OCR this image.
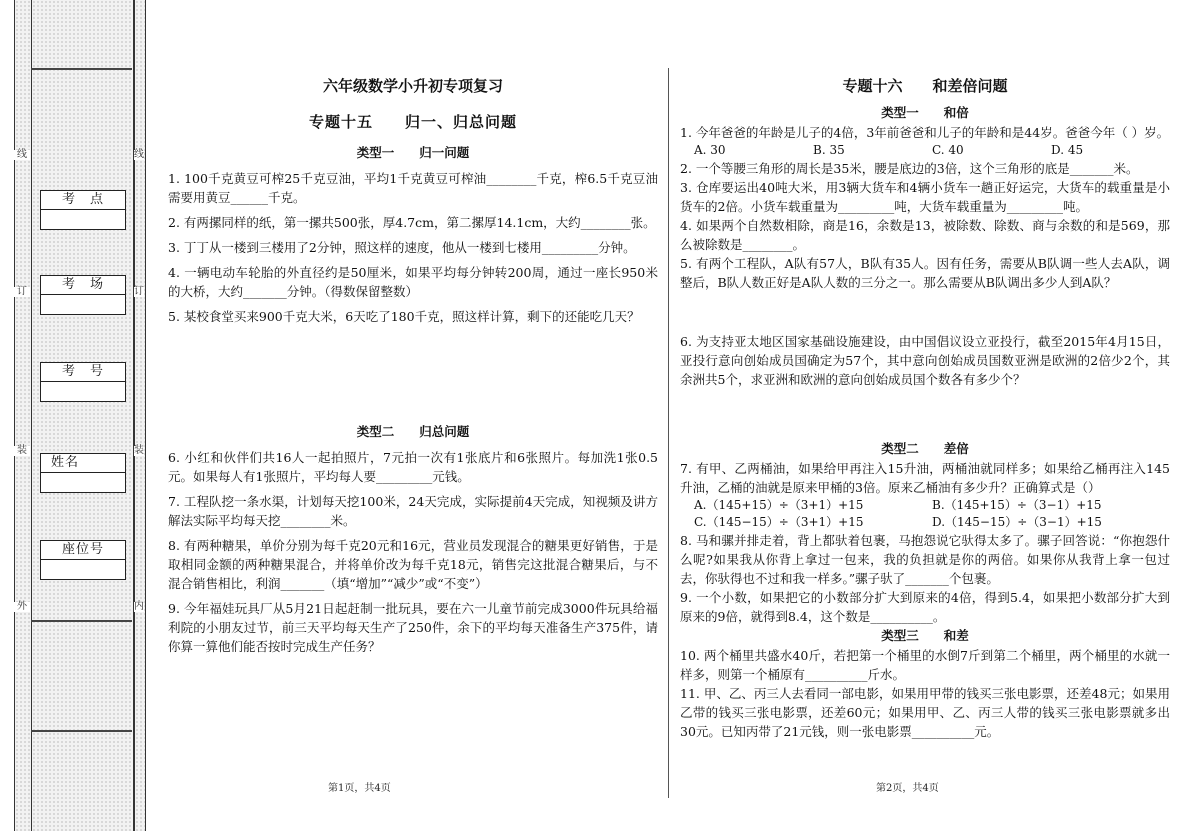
线
订
装
外
线
订
装
内
考　点
考　场
考　号
姓名
座位号
六年级数学小升初专项复习
专题十五　　归一、归总问题
类型一　　归一问题
1. 100千克黄豆可榨25千克豆油，平均1千克黄豆可榨油________千克，榨6.5千克豆油需要用黄豆______千克。
2. 有两摞同样的纸，第一摞共500张，厚4.7cm，第二摞厚14.1cm，大约________张。
3. 丁丁从一楼到三楼用了2分钟，照这样的速度，他从一楼到七楼用_________分钟。
4. 一辆电动车轮胎的外直径约是50厘米，如果平均每分钟转200周，通过一座长950米的大桥，大约_______分钟。（得数保留整数）
5. 某校食堂买来900千克大米，6天吃了180千克，照这样计算，剩下的还能吃几天？
类型二　　归总问题
6. 小红和伙伴们共16人一起拍照片，7元拍一次有1张底片和6张照片。每加洗1张0.5元。如果每人有1张照片，平均每人要_________元钱。
7. 工程队挖一条水渠，计划每天挖100米，24天完成，实际提前4天完成，知视频及讲方解法实际平均每天挖________米。
8. 有两种糖果，单价分别为每千克20元和16元，营业员发现混合的糖果更好销售，于是取相同金额的两种糖果混合，并将单价改为每千克18元，销售完这批混合糖果后，与不混合销售相比，利润_______（填“增加”“减少”或“不变”）
9. 今年福娃玩具厂从5月21日起赶制一批玩具，要在六一儿童节前完成3000件玩具给福利院的小朋友过节，前三天平均每天生产了250件，余下的平均每天准备生产375件，请你算一算他们能否按时完成生产任务？
第1页，共4页
专题十六　　和差倍问题
类型一　　和倍
1. 今年爸爸的年龄是儿子的4倍，3年前爸爸和儿子的年龄和是44岁。爸爸今年（ ）岁。
A. 30	B. 35	C. 40	D. 45
2. 一个等腰三角形的周长是35米，腰是底边的3倍，这个三角形的底是_______米。
3. 仓库要运出40吨大米，用3辆大货车和4辆小货车一趟正好运完，大货车的载重量是小货车的2倍。小货车载重量为_________吨，大货车载重量为_________吨。
4. 如果两个自然数相除，商是16，余数是13，被除数、除数、商与余数的和是569，那么被除数是________。
5. 有两个工程队，A队有57人，B队有35人。因有任务，需要从B队调一些人去A队，调整后，B队人数正好是A队人数的三分之一。那么需要从B队调出多少人到A队？
6. 为支持亚太地区国家基础设施建设，由中国倡议设立亚投行，截至2015年4月15日，亚投行意向创始成员国确定为57个，其中意向创始成员国数亚洲是欧洲的2倍少2个，其余洲共5个，求亚洲和欧洲的意向创始成员国个数各有多少个？
类型二　　差倍
7. 有甲、乙两桶油，如果给甲再注入15升油，两桶油就同样多；如果给乙桶再注入145升油，乙桶的油就是原来甲桶的3倍。原来乙桶油有多少升？正确算式是（）
A.（145+15）÷（3+1）+15	B.（145+15）÷（3−1）+15
C.（145−15）÷（3+1）+15	D.（145−15）÷（3−1）+15
8. 马和骡并排走着，背上都驮着包裹，马抱怨说它驮得太多了。骡子回答说：“你抱怨什么呢?如果我从你背上拿过一包来，我的负担就是你的两倍。如果你从我背上拿一包过去，你驮得也不过和我一样多。”骡子驮了_______个包裹。
9. 一个小数，如果把它的小数部分扩大到原来的4倍，得到5.4，如果把小数部分扩大到原来的9倍，就得到8.4，这个数是__________。
类型三　　和差
10. 两个桶里共盛水40斤，若把第一个桶里的水倒7斤到第二个桶里，两个桶里的水就一样多，则第一个桶原有__________斤水。
11. 甲、乙、丙三人去看同一部电影，如果用甲带的钱买三张电影票，还差48元；如果用乙带的钱买三张电影票，还差60元；如果用甲、乙、丙三人带的钱买三张电影票就多出30元。已知丙带了21元钱，则一张电影票__________元。
第2页，共4页
